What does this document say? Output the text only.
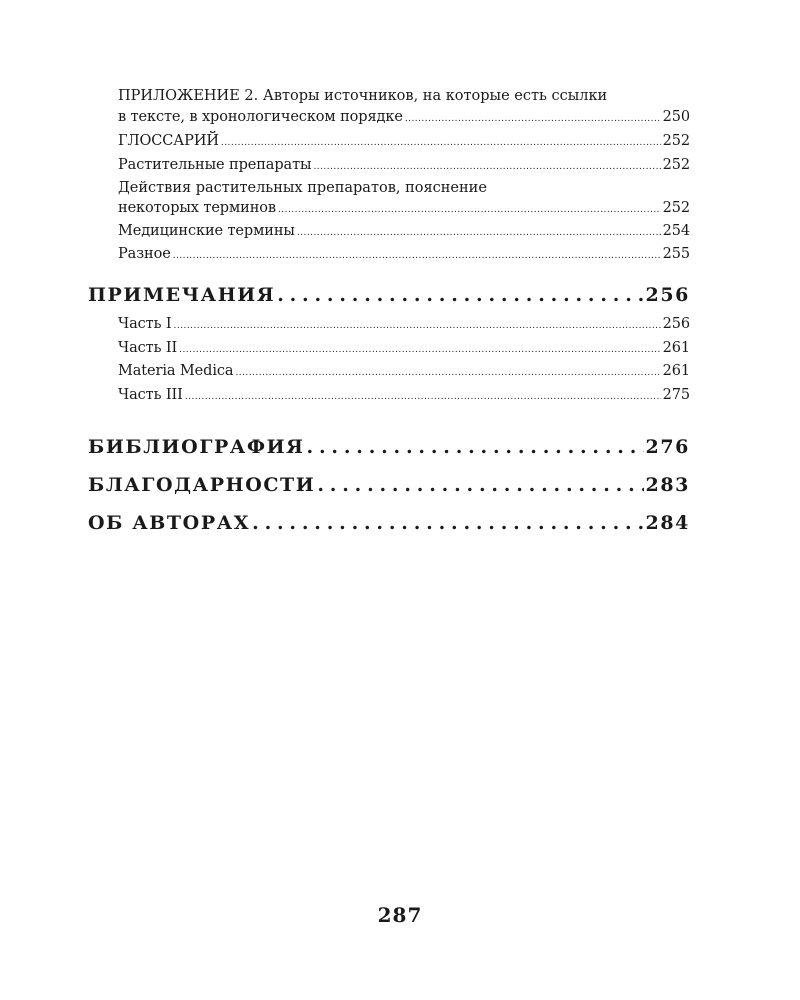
ПРИЛОЖЕНИЕ 2. Авторы источников, на которые есть ссылки
в тексте, в хронологическом порядке . . .	250
ГЛОССАРИЙ . . .	252
Растительные препараты . . .	252
Действия растительных препаратов, пояснение
некоторых терминов . . .	252
Медицинские термины . . .	254
Разное . . .	255
ПРИМЕЧАНИЯ . . .	256
Часть I . . .	256
Часть II . . .	261
Materia Medica . . .	261
Часть III . . .	275
БИБЛИОГРАФИЯ . . .	276
БЛАГОДАРНОСТИ . . .	283
ОБ АВТОРАХ . . .	284
287
